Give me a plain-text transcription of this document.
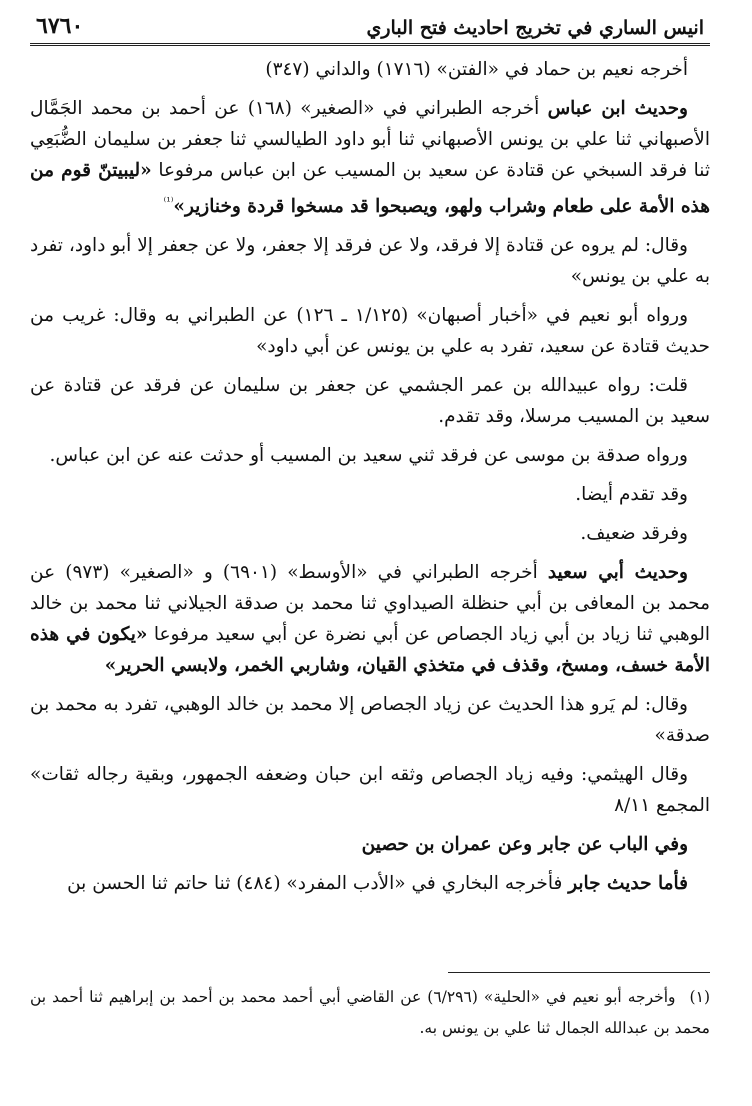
انيس الساري في تخريج احاديث فتح الباري
٦٧٦٠

أخرجه نعيم بن حماد في «الفتن» (١٧١٦) والداني (٣٤٧)

وحديث ابن عباس أخرجه الطبراني في «الصغير» (١٦٨) عن أحمد بن محمد الجَمَّال الأصبهاني ثنا علي بن يونس الأصبهاني ثنا أبو داود الطيالسي ثنا جعفر بن سليمان الضُّبَعِي ثنا فرقد السبخي عن قتادة عن سعيد بن المسيب عن ابن عباس مرفوعا «ليبيتنّ قوم من هذه الأمة على طعام وشراب ولهو، ويصبحوا قد مسخوا قردة وخنازير»$^{^{(1)}}$

وقال: لم يروه عن قتادة إلا فرقد، ولا عن فرقد إلا جعفر، ولا عن جعفر إلا أبو داود، تفرد به علي بن يونس»

ورواه أبو نعيم في «أخبار أصبهان» (١/١٢٥ ـ ١٢٦) عن الطبراني به وقال: غريب من حديث قتادة عن سعيد، تفرد به علي بن يونس عن أبي داود»

قلت: رواه عبيدالله بن عمر الجشمي عن جعفر بن سليمان عن فرقد عن قتادة عن سعيد بن المسيب مرسلا، وقد تقدم.

ورواه صدقة بن موسى عن فرقد ثني سعيد بن المسيب أو حدثت عنه عن ابن عباس.

وقد تقدم أيضا.

وفرقد ضعيف.

وحديث أبي سعيد أخرجه الطبراني في «الأوسط» (٦٩٠١) و «الصغير» (٩٧٣) عن محمد بن المعافى بن أبي حنظلة الصيداوي ثنا محمد بن صدقة الجيلاني ثنا محمد بن خالد الوهبي ثنا زياد بن أبي زياد الجصاص عن أبي نضرة عن أبي سعيد مرفوعا «يكون في هذه الأمة خسف، ومسخ، وقذف في متخذي القيان، وشاربي الخمر، ولابسي الحرير»

وقال: لم يَرو هذا الحديث عن زياد الجصاص إلا محمد بن خالد الوهبي، تفرد به محمد بن صدقة»

وقال الهيثمي: وفيه زياد الجصاص وثقه ابن حبان وضعفه الجمهور، وبقية رجاله ثقات» المجمع ٨/١١

وفي الباب عن جابر وعن عمران بن حصين

فأما حديث جابر فأخرجه البخاري في «الأدب المفرد» (٤٨٤) ثنا حاتم ثنا الحسن بن

(١)وأخرجه أبو نعيم في «الحلية» (٦/٢٩٦) عن القاضي أبي أحمد محمد بن أحمد بن إبراهيم ثنا أحمد بن محمد بن عبدالله الجمال ثنا علي بن يونس به.
